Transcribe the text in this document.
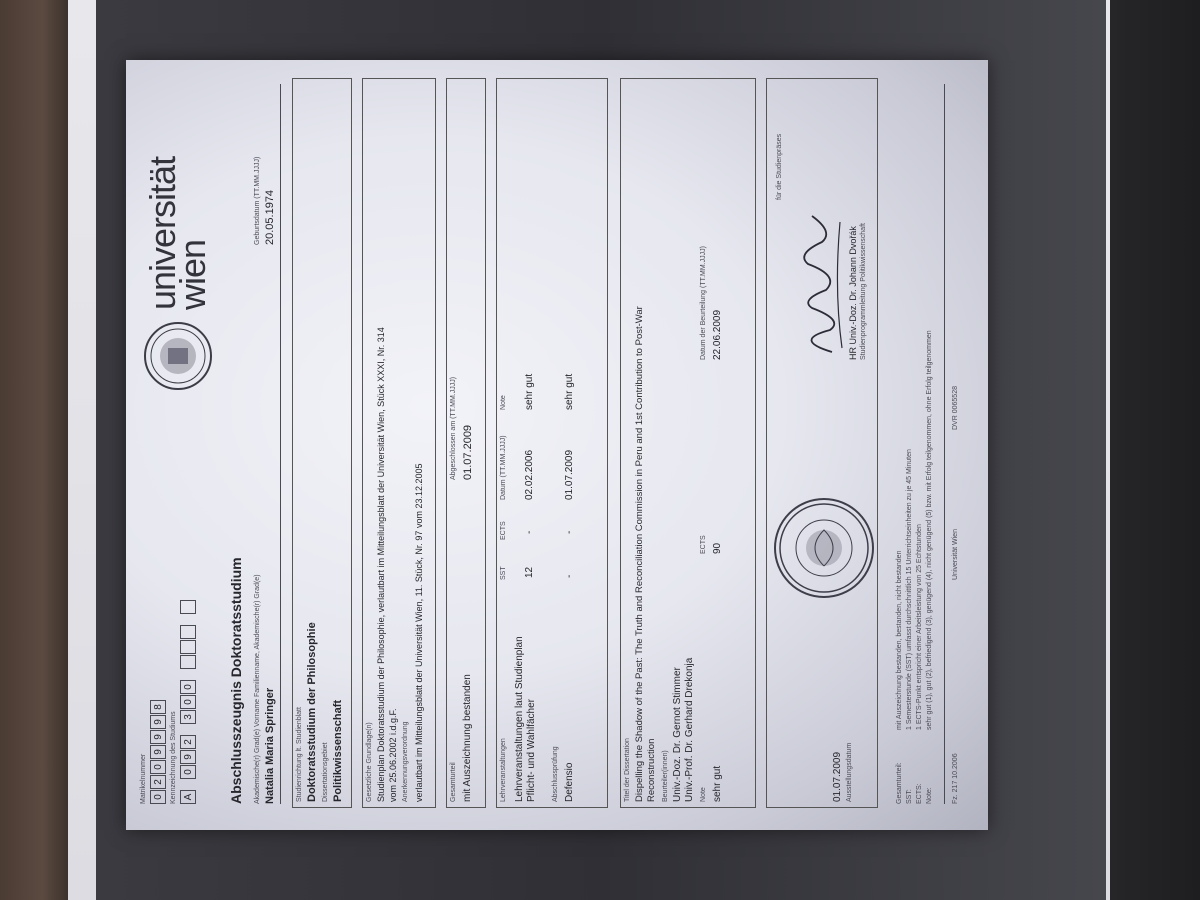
Matrikelnummer 0
2
0
9
9
9
8
Kennzeichnung des Studiums A
0
9
2
3
0
0
universität
wien
Abschlusszeugnis Doktoratsstudium Akademische(r) Grad(e) Vorname Familienname, Akademische(r) Grad(e) Natalia Maria Springer
Geburtsdatum (TT.MM.JJJJ) 20.05.1974
Studienrichtung lt. Studienblatt Doktoratsstudium der Philosophie Dissertationsgebiet Politikwissenschaft	Gesetzliche Grundlage(n) Studienplan Doktoratsstudium der Philosophie, verlautbart im Mitteilungsblatt der Universität Wien, Stück XXXI, Nr. 314 vom 25.06.2002 i.d.g.F. Anerkennungsverordnung verlautbart im Mitteilungsblatt der Universität Wien, 11. Stück, Nr. 97 vom 23.12.2005	Gesamturteil mit Auszeichnung bestanden
Abgeschlossen am (TT.MM.JJJJ) 01.07.2009
Lehrveranstaltungen
SST
ECTS
Datum (TT.MM.JJJJ)
Note
Lehrveranstaltungen laut Studienplan Pflicht- und Wahlfächer
12
-
02.02.2006
sehr gut
Abschlussprüfung Defensio
-
-
01.07.2009
sehr gut
Titel der Dissertation Dispelling the Shadow of the Past: The Truth and Reconciliation Commission in Peru and 1st Contribution to Post-War Reconstruction Beurteiler(innen) Univ.-Doz. Dr. Gernot Stimmer Univ.-Prof. Dr. Gerhard Drekonja Note sehr gut
ECTS 90
Datum der Beurteilung (TT.MM.JJJJ) 22.06.2009
01.07.2009 Ausstellungsdatum
für die Studienpräses
HR Univ.-Doz. Dr. Johann Dvořák Studienprogrammleitung Politikwissenschaft
Gesamturteil:
mit Auszeichnung bestanden, bestanden, nicht bestanden
SST:
1 Semesterstunde (SST) umfasst durchschnittlich 15 Unterrichtseinheiten zu je 45 Minuten
ECTS:
1 ECTS-Punkt entspricht einer Arbeitsleistung von 25 Echtstunden
Note:
sehr gut (1), gut (2), befriedigend (3), genügend (4), nicht genügend (5) bzw. mit Erfolg teilgenommen, ohne Erfolg teilgenommen
Fz. 217 10.2006
Universität Wien
DVR 0065528
